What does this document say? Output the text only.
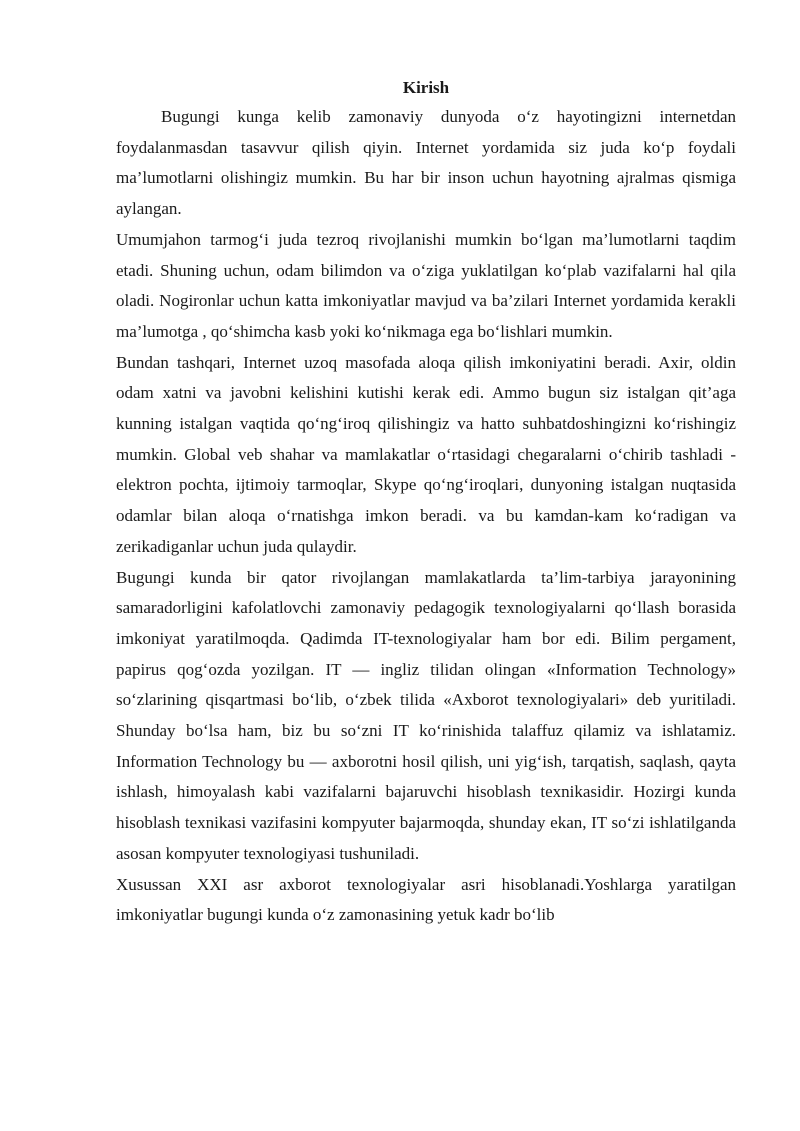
Kirish

Bugungi kunga kelib zamonaviy dunyoda o‘z hayotingizni internetdan foydalanmasdan tasavvur qilish qiyin. Internet yordamida siz juda ko‘p foydali ma’lumotlarni olishingiz mumkin. Bu har bir inson uchun hayotning ajralmas qismiga aylangan.

Umumjahon tarmog‘i juda tezroq rivojlanishi mumkin bo‘lgan ma’lumotlarni taqdim etadi. Shuning uchun, odam bilimdon va o‘ziga yuklatilgan ko‘plab vazifalarni hal qila oladi. Nogironlar uchun katta imkoniyatlar mavjud va ba’zilari Internet yordamida kerakli ma’lumotga , qo‘shimcha kasb yoki ko‘nikmaga ega bo‘lishlari mumkin.

Bundan tashqari, Internet uzoq masofada aloqa qilish imkoniyatini beradi. Axir, oldin odam xatni va javobni kelishini kutishi kerak edi. Ammo bugun siz istalgan qit’aga kunning istalgan vaqtida qo‘ng‘iroq qilishingiz va hatto suhbatdoshingizni ko‘rishingiz mumkin. Global veb shahar va mamlakatlar o‘rtasidagi chegaralarni o‘chirib tashladi - elektron pochta, ijtimoiy tarmoqlar, Skype qo‘ng‘iroqlari, dunyoning istalgan nuqtasida odamlar bilan aloqa o‘rnatishga imkon beradi. va bu kamdan-kam ko‘radigan va zerikadiganlar uchun juda qulaydir.

Bugungi kunda bir qator rivojlangan mamlakatlarda ta’lim-tarbiya jarayonining samaradorligini kafolatlovchi zamonaviy pedagogik texnologiyalarni qo‘llash borasida imkoniyat yaratilmoqda. Qadimda IT-texnologiyalar ham bor edi. Bilim pergament, papirus qog‘ozda yozilgan. IT — ingliz tilidan olingan «Information Technology» so‘zlarining qisqartmasi bo‘lib, o‘zbek tilida «Axborot texnologiyalari» deb yuritiladi. Shunday bo‘lsa ham, biz bu so‘zni IT ko‘rinishida talaffuz qilamiz va ishlatamiz. Information Technology bu — axborotni hosil qilish, uni yig‘ish, tarqatish, saqlash, qayta ishlash, himoyalash kabi vazifalarni bajaruvchi hisoblash texnikasidir. Hozirgi kunda hisoblash texnikasi vazifasini kompyuter bajarmoqda, shunday ekan, IT so‘zi ishlatilganda asosan kompyuter texnologiyasi tushuniladi.

Xusussan XXI asr axborot texnologiyalar asri hisoblanadi.Yoshlarga yaratilgan imkoniyatlar bugungi kunda o‘z zamonasining yetuk kadr bo‘lib
